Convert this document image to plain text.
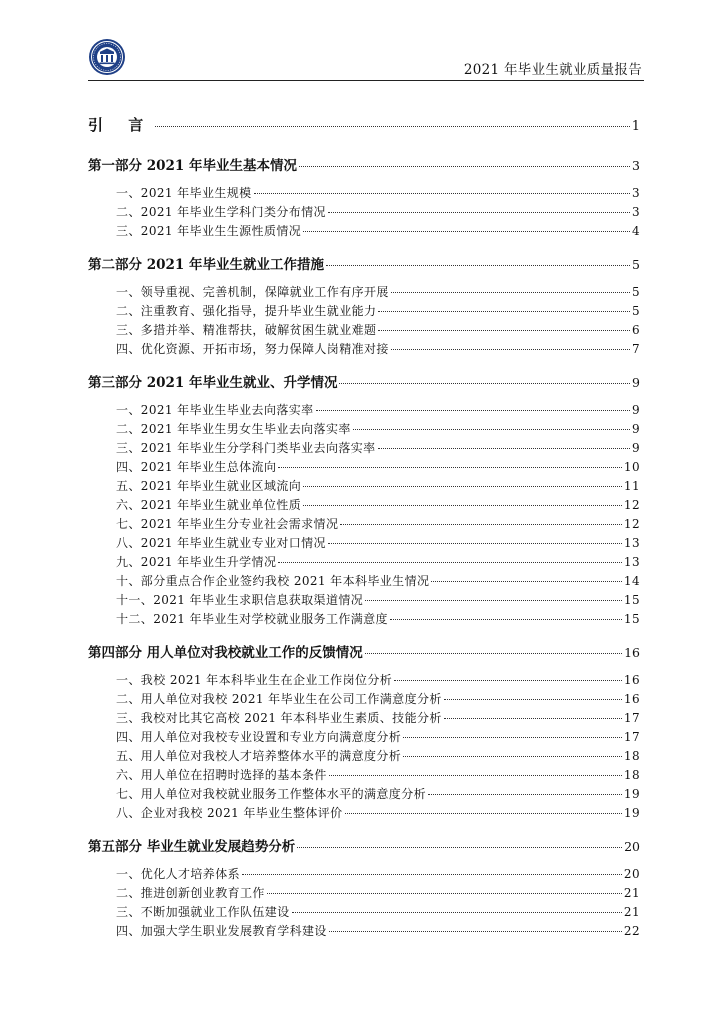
2021 年毕业生就业质量报告
引 言	1
第一部分 2021 年毕业生基本情况	3
一、2021 年毕业生规模	3
二、2021 年毕业生学科门类分布情况	3
三、2021 年毕业生生源性质情况	4
第二部分 2021 年毕业生就业工作措施	5
一、领导重视、完善机制，保障就业工作有序开展	5
二、注重教育、强化指导，提升毕业生就业能力	5
三、多措并举、精准帮扶，破解贫困生就业难题	6
四、优化资源、开拓市场，努力保障人岗精准对接	7
第三部分 2021 年毕业生就业、升学情况	9
一、2021 年毕业生毕业去向落实率	9
二、2021 年毕业生男女生毕业去向落实率	9
三、2021 年毕业生分学科门类毕业去向落实率	9
四、2021 年毕业生总体流向	10
五、2021 年毕业生就业区域流向	11
六、2021 年毕业生就业单位性质	12
七、2021 年毕业生分专业社会需求情况	12
八、2021 年毕业生就业专业对口情况	13
九、2021 年毕业生升学情况	13
十、部分重点合作企业签约我校 2021 年本科毕业生情况	14
十一、2021 年毕业生求职信息获取渠道情况	15
十二、2021 年毕业生对学校就业服务工作满意度	15
第四部分 用人单位对我校就业工作的反馈情况	16
一、我校 2021 年本科毕业生在企业工作岗位分析	16
二、用人单位对我校 2021 年毕业生在公司工作满意度分析	16
三、我校对比其它高校 2021 年本科毕业生素质、技能分析	17
四、用人单位对我校专业设置和专业方向满意度分析	17
五、用人单位对我校人才培养整体水平的满意度分析	18
六、用人单位在招聘时选择的基本条件	18
七、用人单位对我校就业服务工作整体水平的满意度分析	19
八、企业对我校 2021 年毕业生整体评价	19
第五部分 毕业生就业发展趋势分析	20
一、优化人才培养体系	20
二、推进创新创业教育工作	21
三、不断加强就业工作队伍建设	21
四、加强大学生职业发展教育学科建设	22
